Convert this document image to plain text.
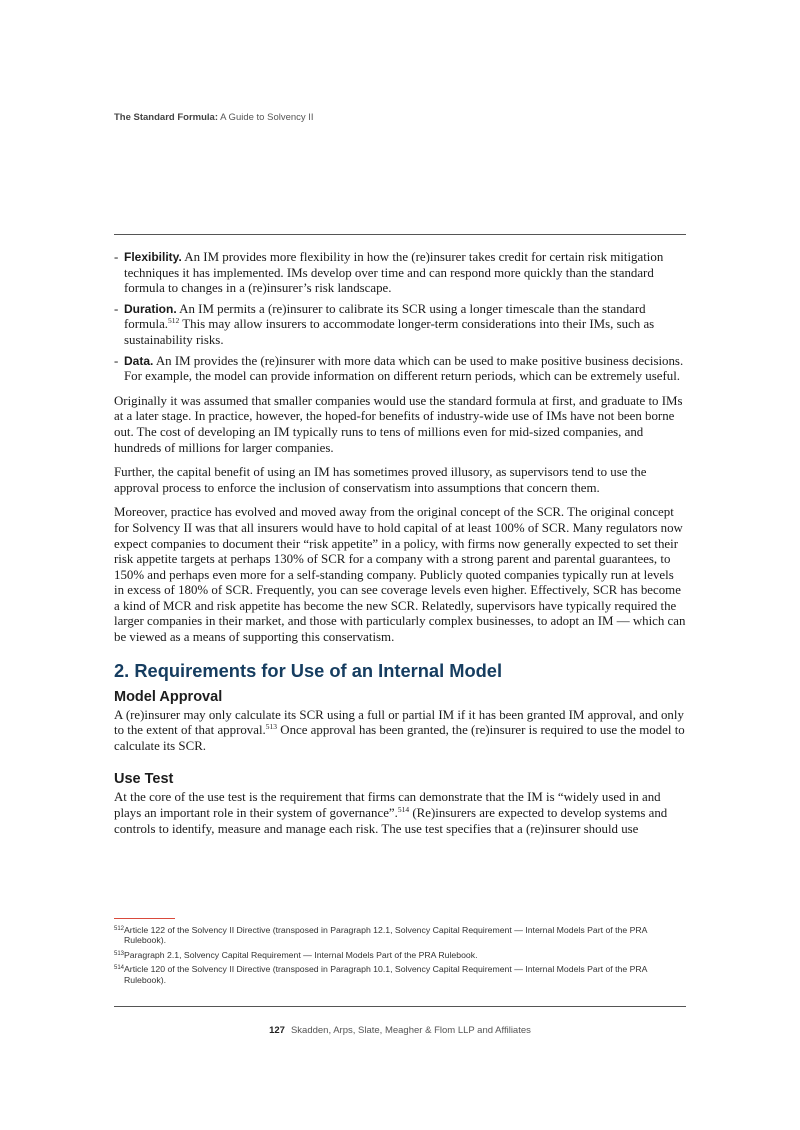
The Standard Formula: A Guide to Solvency II
- Flexibility. An IM provides more flexibility in how the (re)insurer takes credit for certain risk mitigation techniques it has implemented. IMs develop over time and can respond more quickly than the standard formula to changes in a (re)insurer’s risk landscape.
- Duration. An IM permits a (re)insurer to calibrate its SCR using a longer timescale than the standard formula.$^{512}$ This may allow insurers to accommodate longer-term considerations into their IMs, such as sustainability risks.
- Data. An IM provides the (re)insurer with more data which can be used to make positive business decisions. For example, the model can provide information on different return periods, which can be extremely useful.

Originally it was assumed that smaller companies would use the standard formula at first, and graduate to IMs at a later stage. In practice, however, the hoped-for benefits of industry-wide use of IMs have not been borne out. The cost of developing an IM typically runs to tens of millions even for mid-sized companies, and hundreds of millions for larger companies.

Further, the capital benefit of using an IM has sometimes proved illusory, as supervisors tend to use the approval process to enforce the inclusion of conservatism into assumptions that concern them.

Moreover, practice has evolved and moved away from the original concept of the SCR. The original concept for Solvency II was that all insurers would have to hold capital of at least 100% of SCR. Many regulators now expect companies to document their “risk appetite” in a policy, with firms now generally expected to set their risk appetite targets at perhaps 130% of SCR for a company with a strong parent and parental guarantees, to 150% and perhaps even more for a self-standing company. Publicly quoted companies typically run at levels in excess of 180% of SCR. Frequently, you can see coverage levels even higher. Effectively, SCR has become a kind of MCR and risk appetite has become the new SCR. Relatedly, supervisors have typically required the larger companies in their market, and those with particularly complex businesses, to adopt an IM — which can be viewed as a means of supporting this conservatism.

2. Requirements for Use of an Internal Model
Model Approval

A (re)insurer may only calculate its SCR using a full or partial IM if it has been granted IM approval, and only to the extent of that approval.$^{513}$ Once approval has been granted, the (re)insurer is required to use the model to calculate its SCR.

Use Test

At the core of the use test is the requirement that firms can demonstrate that the IM is “widely used in and plays an important role in their system of governance”.$^{514}$ (Re)insurers are expected to develop systems and controls to identify, measure and manage each risk. The use test specifies that a (re)insurer should use

$^{512}$Article 122 of the Solvency II Directive (transposed in Paragraph 12.1, Solvency Capital Requirement — Internal Models Part of the PRA Rulebook).
$^{513}$Paragraph 2.1, Solvency Capital Requirement — Internal Models Part of the PRA Rulebook.
$^{514}$Article 120 of the Solvency II Directive (transposed in Paragraph 10.1, Solvency Capital Requirement — Internal Models Part of the PRA Rulebook).
127 Skadden, Arps, Slate, Meagher & Flom LLP and Affiliates
